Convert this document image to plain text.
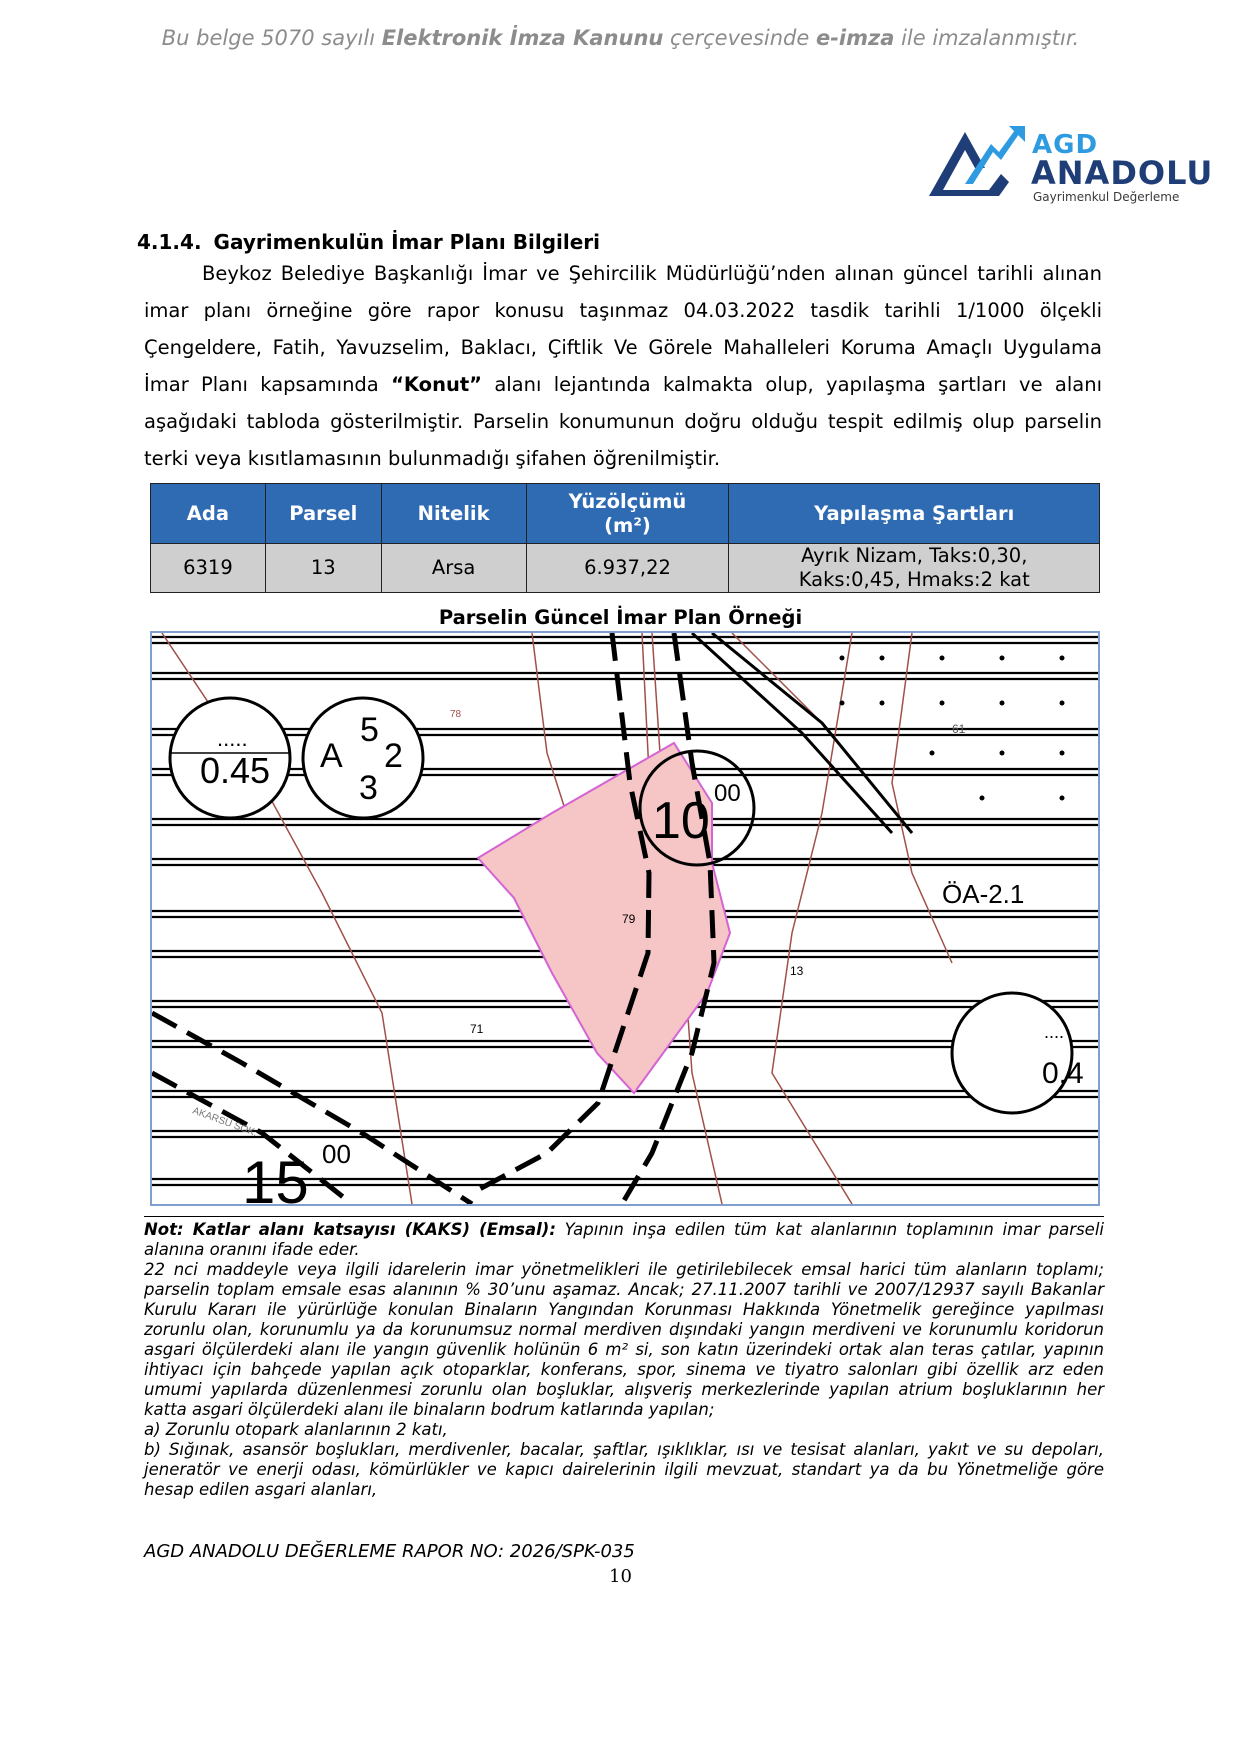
Bu belge 5070 sayılı Elektronik İmza Kanunu çerçevesinde e-imza ile imzalanmıştır.
AGD
ANADOLU
Gayrimenkul Değerleme
4.1.4. Gayrimenkulün İmar Planı Bilgileri
Beykoz Belediye Başkanlığı İmar ve Şehircilik Müdürlüğü’nden alınan güncel tarihli alınan imar planı örneğine göre rapor konusu taşınmaz 04.03.2022 tasdik tarihli 1/1000 ölçekli Çengeldere, Fatih, Yavuzselim, Baklacı, Çiftlik Ve Görele Mahalleleri Koruma Amaçlı Uygulama İmar Planı kapsamında “Konut” alanı lejantında kalmakta olup, yapılaşma şartları ve alanı aşağıdaki tabloda gösterilmiştir. Parselin konumunun doğru olduğu tespit edilmiş olup parselin terki veya kısıtlamasının bulunmadığı şifahen öğrenilmiştir.
Ada	Parsel	Nitelik	Yüzölçümü (m²)	Yapılaşma Şartları
6319	13	Arsa	6.937,22	Ayrık Nizam, Taks:0,30, Kaks:0,45, Hmaks:2 kat
Parselin Güncel İmar Plan Örneği
.....
0.45
5
A 2
3
10 00
ÖA-2.1
79
71
13
61
78
....
0.4
15 00
AKARSU SOK.

Not: Katlar alanı katsayısı (KAKS) (Emsal): Yapının inşa edilen tüm kat alanlarının toplamının imar parseli alanına oranını ifade eder.

22 nci maddeyle veya ilgili idarelerin imar yönetmelikleri ile getirilebilecek emsal harici tüm alanların toplamı; parselin toplam emsale esas alanının % 30’unu aşamaz. Ancak; 27.11.2007 tarihli ve 2007/12937 sayılı Bakanlar Kurulu Kararı ile yürürlüğe konulan Binaların Yangından Korunması Hakkında Yönetmelik gereğince yapılması zorunlu olan, korunumlu ya da korunumsuz normal merdiven dışındaki yangın merdiveni ve korunumlu koridorun asgari ölçülerdeki alanı ile yangın güvenlik holünün 6 m² si, son katın üzerindeki ortak alan teras çatılar, yapının ihtiyacı için bahçede yapılan açık otoparklar, konferans, spor, sinema ve tiyatro salonları gibi özellik arz eden umumi yapılarda düzenlenmesi zorunlu olan boşluklar, alışveriş merkezlerinde yapılan atrium boşluklarının her katta asgari ölçülerdeki alanı ile binaların bodrum katlarında yapılan;

a) Zorunlu otopark alanlarının 2 katı,

b) Sığınak, asansör boşlukları, merdivenler, bacalar, şaftlar, ışıklıklar, ısı ve tesisat alanları, yakıt ve su depoları, jeneratör ve enerji odası, kömürlükler ve kapıcı dairelerinin ilgili mevzuat, standart ya da bu Yönetmeliğe göre hesap edilen asgari alanları,

AGD ANADOLU DEĞERLEME RAPOR NO: 2026/SPK-035
10
